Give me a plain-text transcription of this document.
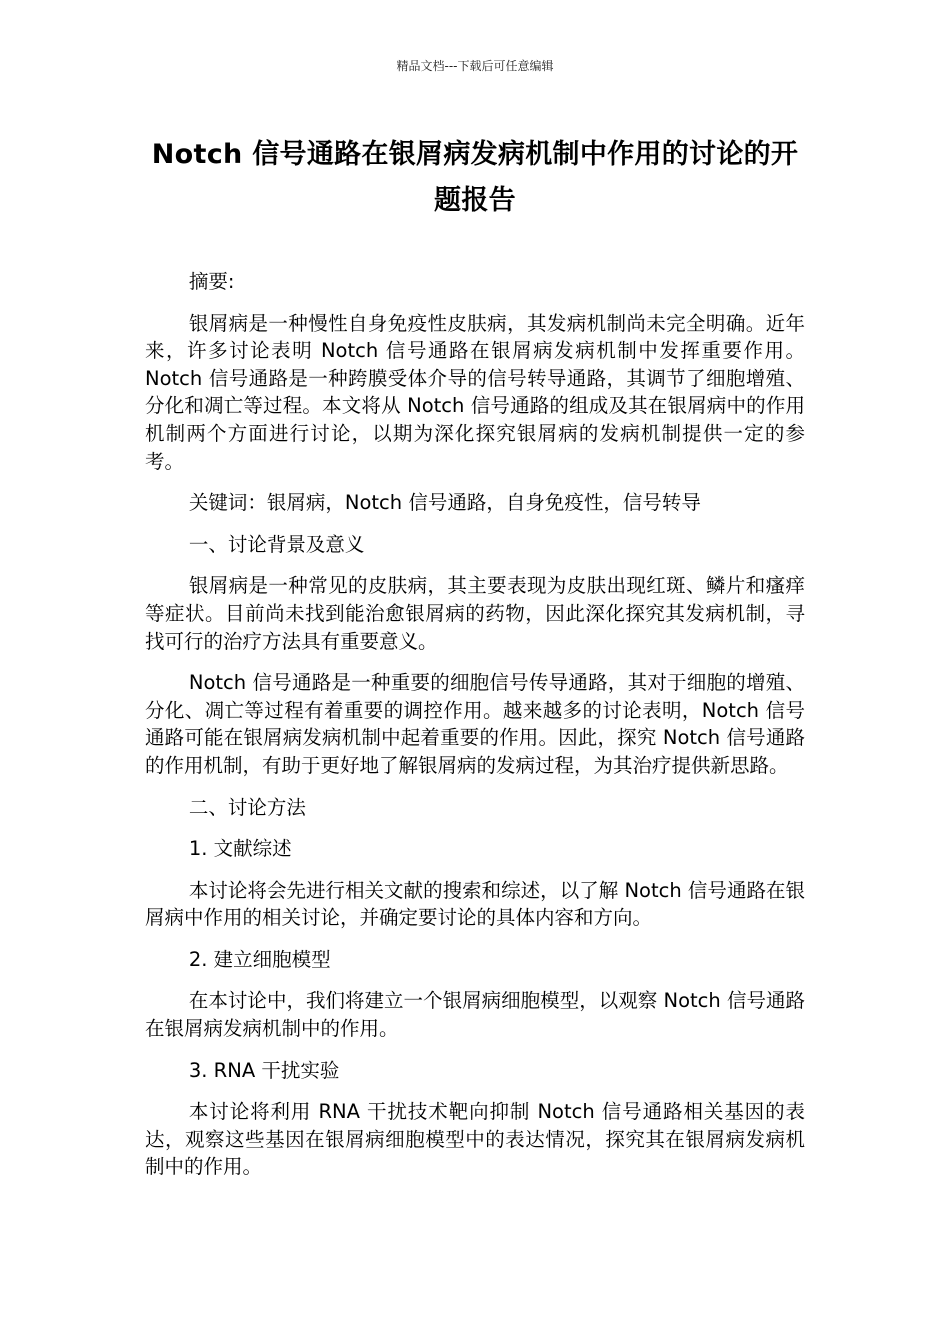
精品文档---下载后可任意编辑
Notch 信号通路在银屑病发病机制中作用的讨论的开题报告

摘要:

银屑病是一种慢性自身免疫性皮肤病，其发病机制尚未完全明确。近年来，许多讨论表明 Notch 信号通路在银屑病发病机制中发挥重要作用。Notch 信号通路是一种跨膜受体介导的信号转导通路，其调节了细胞增殖、分化和凋亡等过程。本文将从 Notch 信号通路的组成及其在银屑病中的作用机制两个方面进行讨论，以期为深化探究银屑病的发病机制提供一定的参考。

关键词：银屑病，Notch 信号通路，自身免疫性，信号转导

一、讨论背景及意义

银屑病是一种常见的皮肤病，其主要表现为皮肤出现红斑、鳞片和瘙痒等症状。目前尚未找到能治愈银屑病的药物，因此深化探究其发病机制，寻找可行的治疗方法具有重要意义。

Notch 信号通路是一种重要的细胞信号传导通路，其对于细胞的增殖、分化、凋亡等过程有着重要的调控作用。越来越多的讨论表明，Notch 信号通路可能在银屑病发病机制中起着重要的作用。因此，探究 Notch 信号通路的作用机制，有助于更好地了解银屑病的发病过程，为其治疗提供新思路。

二、讨论方法

1. 文献综述

本讨论将会先进行相关文献的搜索和综述，以了解 Notch 信号通路在银屑病中作用的相关讨论，并确定要讨论的具体内容和方向。

2. 建立细胞模型

在本讨论中，我们将建立一个银屑病细胞模型，以观察 Notch 信号通路在银屑病发病机制中的作用。

3. RNA 干扰实验

本讨论将利用 RNA 干扰技术靶向抑制 Notch 信号通路相关基因的表达，观察这些基因在银屑病细胞模型中的表达情况，探究其在银屑病发病机制中的作用。
